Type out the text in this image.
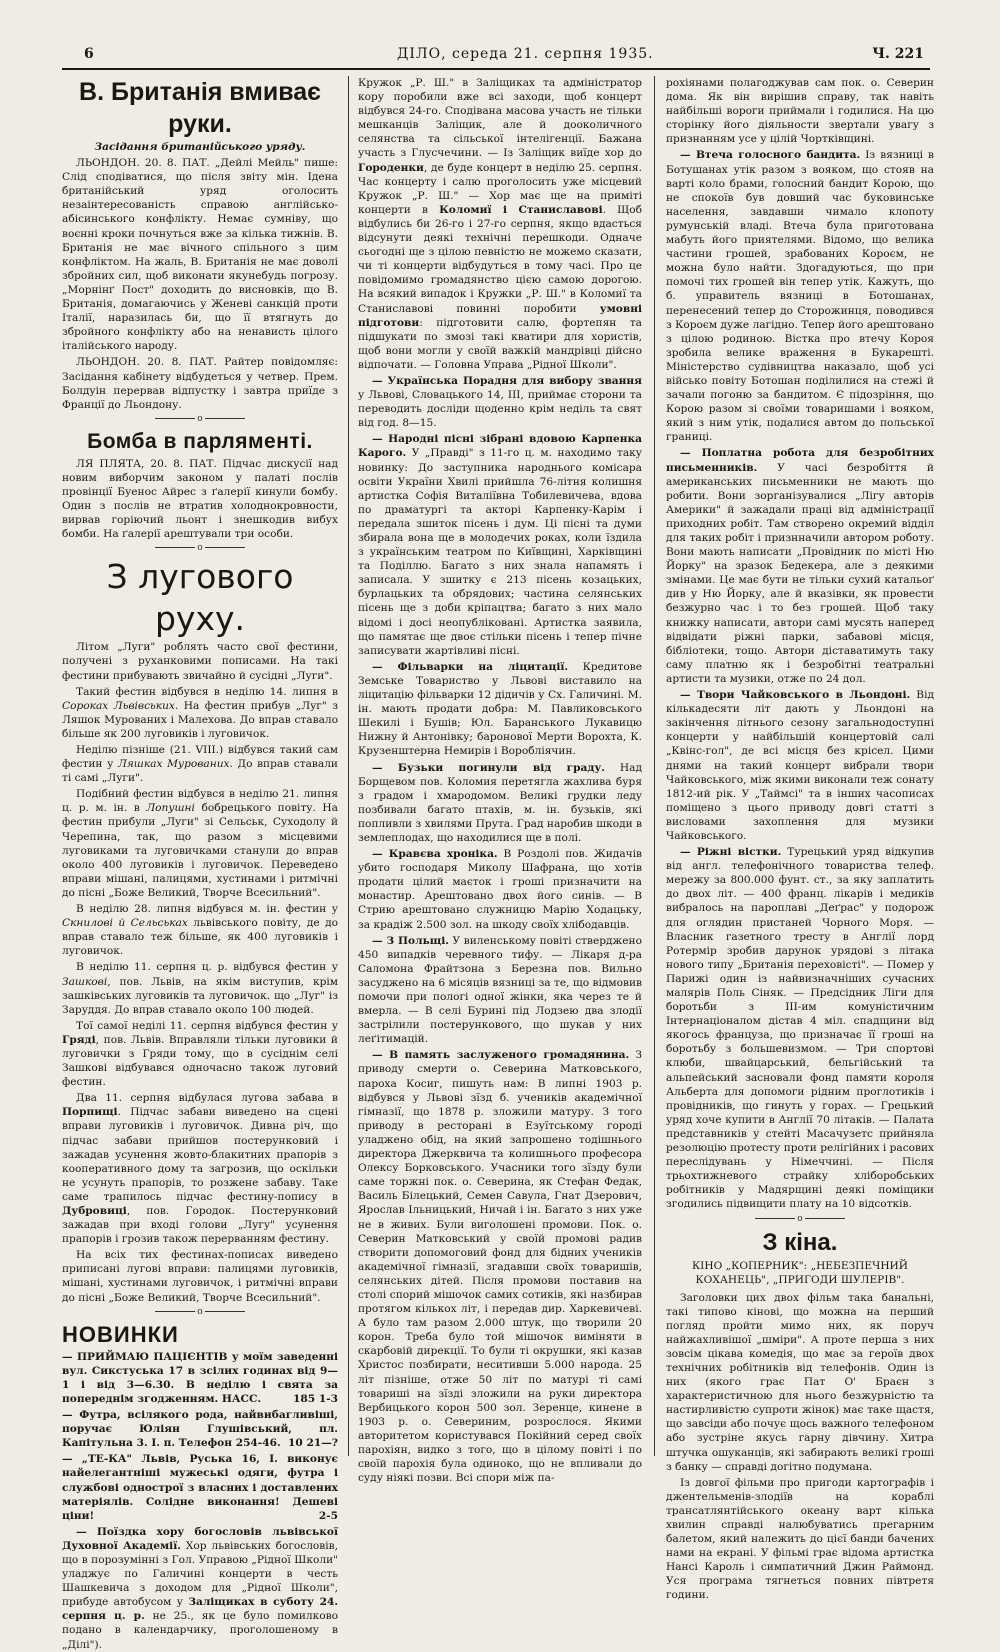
6	ДІЛО, середа 21. серпня 1935.	Ч. 221
В. Британія вмиває руки.

Засідання британійського уряду.

ЛЬОНДОН. 20. 8. ПАТ. „Дейлі Мейль" пише: Слід сподіватися, що після звіту мін. Ідена британійський уряд оголосить незаінтересованість справою англійсько-абісинського конфлікту. Немає сумніву, що воєнні кроки почнуться вже за кілька тижнів. В. Британія не має вічного спільного з цим конфліктом. На жаль, В. Британія не має доволі збройних сил, щоб виконати якунебудь погрозу. „Морнінґ Пост" доходить до висновків, що В. Британія, домагаючись у Женеві санкцій проти Італії, наразилась би, що її втягнуть до збройного конфлікту або на ненависть цілого італійського народу.

ЛЬОНДОН. 20. 8. ПАТ. Райтер повідомляє: Засідання кабінету відбудеться у четвер. Прем. Болдуін перервав відпустку і завтра приїде з Франції до Льондону.

o
Бомба в парляменті.

ЛЯ ПЛЯТА, 20. 8. ПАТ. Підчас дискусії над новим виборчим законом у палаті послів провінції Буенос Айрес з ґалерії кинули бомбу. Один з послів не втратив холоднокровности, вирвав горіючий льонт і знешкодив вибух бомби. На ґалерії арештували три особи.

o
З лугового руху.

Літом „Луги" роблять часто свої фестини, получені з руханковими пописами. На такі фестини прибувають звичайно й сусідні „Луги".

Такий фестин відбувся в неділю 14. липня в Сороках Львівських. На фестин прибув „Луг" з Ляшок Мурованих і Малехова. До вправ ставало більше як 200 луговиків і луговичок.

Неділю пізніше (21. VIII.) відбувся такий сам фестин у Ляшках Мурованих. До вправ ставали ті самі „Луги".

Подібний фестин відбувся в неділю 21. липня ц. р. м. ін. в Лопушні бобрецького повіту. На фестин прибули „Луги" зі Сельськ, Суходолу й Черепина, так, що разом з місцевими луговиками та луговичками станули до вправ около 400 луговиків і луговичок. Переведено вправи мішані, палицями, хустинами і ритмічні до пісні „Боже Великий, Творче Всесильний".

В неділю 28. липня відбувся м. ін. фестин у Скнилові й Сельськах львівського повіту, де до вправ ставало теж більше, як 400 луговиків і луговичок.

В неділю 11. серпня ц. р. відбувся фестин у Зашкові, пов. Львів, на якім виступив, крім зашківських луговиків та луговичок. що „Луг" із Заруддя. До вправ ставало около 100 людей.

Тої самої неділі 11. серпня відбувся фестин у Гряді, пов. Львів. Вправляли тільки луговики й луговички з Гряди тому, що в сусіднім селі Зашкові відбувався одночасно також луговий фестин.

Два 11. серпня відбулася лугова забава в Порпищі. Підчас забави виведено на сцені вправи луговиків і луговичок. Дивна річ, що підчас забави прийшов постерунковий і зажадав усунення жовто-блакитних прапорів з кооперативного дому та загрозив, що оскільки не усунуть прапорів, то розжене забаву. Таке саме трапилось підчас фестину-попису в Дубровиці, пов. Городок. Постерунковий зажадав при вході голови „Лугу" усунення прапорів і грозив також перерванням фестину.

На всіх тих фестинах-попиcах виведено приписані лугові вправи: палицями луговиків, мішані, хустинами луговичок, і ритмічні вправи до пісні „Боже Великий, Творче Всесильний".

o
НОВИНКИ

— ПРИЙМАЮ ПАЦІЄНТІВ у моїм заведенні вул. Сикстуська 17 в зсілих годинах від 9—1 і від 3—6.30. В неділю і свята за попереднім згодженням. НАСС.	185 1-3

— Футра, всілякого рода, найвибагливіші, поручає Юліян Глушівський, пл. Капітульна 3. І. п. Телефон 254-46. 10 21—?

— „ТЕ-КА" Львів, Руська 16, І. виконує найелегантніші мужеські одяги, футра і службові однострої з власних і доставлених матеріялів. Солідне виконання! Дешеві ціни!	2-5

— Поїздка хору богословів львівської Духовної Академії. Хор львівських богословів, що в порозумінні з Гол. Управою „Рідної Школи" уладжує по Галичині концерти в честь Шашкевича з доходом для „Рідної Школи", прибуде автобусом у Заліщиках в суботу 24. серпня ц. р. не 25., як це було помилково подано в календарчику, проголошеному в „Ділі").

Кружок „Р. Ш." в Заліщиках та адміністратор кору поробили вже всі заходи, щоб концерт відбувся 24-го. Сподівана масова участь не тільки мешканців Заліщик, але й дооколичного селянства та сільської інтелігенції. Бажана участь з Глусчечини. — Із Заліщик виїде хор до Городенки, де буде концерт в неділю 25. серпня. Час концерту і салю проголосить уже місцевий Кружок „Р. Ш." — Хор має ще на приміті концерти в Коломиї і Станиславові. Щоб відбулись би 26-го і 27-го серпня, якщо вдасться відсунути деякі технічні перешкоди. Одначе сьогодні ще з цілою певністю не можемо сказати, чи ті концерти відбудуться в тому часі. Про це повідомимо громадянство цією самою дорогою. На всякий випадок і Кружки „Р. Ш." в Коломиї та Станиславові повинні поробити умовні підготови: підготовити салю, фортепян та підшукати по змозі такі кватири для хористів, щоб вони могли у своїй важкій мандрівці дійсно відпочати. — Головна Управа „Рідної Школи".

— Українська Порадня для вибору звання у Львові, Словацького 14, ІІІ, приймає сторони та переводить досліди щоденно крім неділь та свят від год. 8—15.

— Народні пісні зібрані вдовою Карпенка Карого. У „Правді" з 11-го ц. м. находимо таку новинку: До заступника народнього комісара освіти України Хвилі прийшла 76-літня колишня артистка Софія Виталіївна Тобилевичева, вдова по драматургі та акторі Карпенку-Карім і передала зшиток пісень і дум. Ці пісні та думи збирала вона ще в молодечих роках, коли їздила з українським театром по Київщині, Харківщині та Поділлю. Багато з них знала напамять і записала. У зшитку є 213 пісень козацьких, бурлацьких та обрядових; частина селянських пісень ще з доби кріпацтва; багато з них мало відомі і досі неопубліковані. Артистка заявила, що памятає ще двоє стільки пісень і тепер пічне записувати жартівливі пісні.

— Фільварки на ліцитації. Кредитове Земське Товариство у Львові виставило на ліцитацію фільварки 12 дідичів у Сх. Галичині. М. ін. мають продати добра: М. Павликовського Шекилі і Бушів; Юл. Баранського Лукавицю Нижну й Антонівку; баронової Мерти Ворохта, К. Крузенштерна Немирів і Воробліячин.

— Бузьки погинули від граду. Над Борщевом пов. Коломия перетягла жахлива буря з градом і хмародомом. Великі грудки леду позбивали багато птахів, м. ін. бузьків, які попливли з хвилями Прута. Град наробив шкоди в землеплодах, що находилися ще в полі.

— Кравєва хроніка. В Роздолі пов. Жидачів убито господаря Миколу Шафрана, що хотів продати цілий маєток і гроші призначити на монастир. Арештовано двох його синів. — В Стрию арештовано служницю Марію Ходацьку, за крадіж 2.500 зол. на шкоду своїх хлібодавців.

— З Польщі. У виленському повіті стверджено 450 випадків черевного тифу. — Лікаря д-ра Саломона Фрайтзона з Березна пов. Вильно засуджено на 6 місяців вязниці за те, що відмовив помочи при пологі одної жінки, яка через те й вмерла. — В селі Бурині під Лодзею два злодії застрілили постерункового, що шукав у них леґітимацій.

— В память заслуженого громадянина. З приводу смерти о. Северина Матковського, пароха Косиг, пишуть нам: В липні 1903 р. відбувся у Львові зїзд б. учеників академічної гімназії, що 1878 р. зложили матуру. З того приводу в ресторані в Езуїтському городі уладжено обід, на який запрошено тодішнього директора Джерквича та колишнього професора Олексу Борковського. Учасники того зїзду були саме торжні пок. о. Северина, як Стефан Федак, Василь Білецький, Семен Савула, Гнат Дзерович, Ярослав Ільницький, Ничай і ін. Багато з них уже не в живих. Були виголошені промови. Пок. о. Северин Матковський у своїй промові радив створити допомоговий фонд для бідних учеників академічної гімназії, згадавши своїх товаришів, селянських дітей. Після промови поставив на столі спорий мішочок самих сотиків, які назбирав протягом кількох літ, і передав дир. Харкевичеві. А було там разом 2.000 штук, що творили 20 корон. Треба було той мішочок виміняти в скарбовій дирекції. То були ті окрушки, які казав Христос позбирати, неситивши 5.000 народа. 25 літ пізніше, отже 50 літ по матурі ті самі товариші на зїзді зложили на руки директора Вербицького корон 500 зол. Зеренце, кинене в 1903 р. о. Севериним, розрослося. Якими авторитетом користувався Покійний серед своїх парохіян, видко з того, що в цілому повіті і по своїй парохія була одиноко, що не впливали до суду ніякі позви. Всі спори між па-

рохіянами полагоджував сам пок. о. Северин дома. Як він вирішив справу, так навіть найбільші вороги приймали і годилися. На цю сторінку його діяльности звертали увагу з признанням усе у цілій Чортківщині.

— Втеча голосного бандита. Із вязниці в Ботушанах утік разом з вояком, що стояв на варті коло брами, голосний бандит Корою, що не спокоїв був довший час буковинське населення, завдавши чимало клопоту румунській владі. Втеча була приготована мабуть його приятелями. Відомо, що велика частини грошей, зрабованих Короєм, не можна було найти. Здогадуються, що при помочі тих грошей він тепер утік. Кажуть, що б. управитель вязниці в Ботошанах, перенесений тепер до Сторожинця, поводився з Короєм дуже лагідно. Тепер його арештовано з цілою родиною. Вістка про втечу Короя зробила велике враження в Букарешті. Міністерство судівництва наказало, щоб усі військо повіту Ботошан поділилися на стежі й зачали погоню за бандитом. Є підозріння, що Корою разом зі своїми товаришами і вояком, який з ним утік, подалися автом до польської границі.

— Поплатна робота для безробітних письменників. У часі безробіття й американських письменники не мають що робити. Вони зорганізувалися „Лігу авторів Америки" й зажадали праці від адміністрації приходних робіт. Там створено окремий відділ для таких робіт і признначили автором роботу. Вони мають написати „Провідник по місті Ню Йорку" на зразок Бедекера, але з деякими змінами. Це має бути не тільки сухий катальоґ див у Ню Йорку, але й вказівки, як провести безжурно час і то без грошей. Щоб таку книжку написати, автори самі мусять наперед відвідати ріжні парки, забавові місця, бібліотеки, тощо. Автори діставатимуть таку саму платню як і безробітні театральні артисти та музики, отже по 24 дол.

— Твори Чайковського в Льондоні. Від кількадесяти літ дають у Льондоні на закінчення літнього сезону загальнодоступні концерти у найбільшій концертовій салі „Квінс-гол", де всі місця без крісел. Цими днями на такий концерт вибрали твори Чайковського, між якими виконали теж сонату 1812-ий рік. У „Таймсі" та в інших часописах поміщено з цього приводу довгі статті з висловами захоплення для музики Чайковського.

— Ріжні вістки. Турецький уряд відкупив від англ. телефонічного товариства телеф. мережу за 800.000 фунт. ст., за яку заплатить до двох літ. — 400 франц. лікарів і медиків вибралось на пароплаві „Деґрас" у подорож для оглядин пристаней Чорного Моря. — Власник газетного тресту в Англії лорд Ротермір зробив дарунок урядові з літака нового типу „Британія переховісті". — Помер у Парижі один із найвизначніших сучасних малярів Поль Сіняк. — Предсідник Ліги для боротьби з ІІІ-им комуністичним Інтернаціоналом дістав 4 міл. спадщини від якогось француза, що призначає її гроші на боротьбу з большевизмом. — Три спортові клюби, швайцарський, бельгійський та альпейський засновали фонд памяти короля Альберта для допомоги рідним проглотиків і провідників, що гинуть у горах. — Грецький уряд хоче купити в Англії 70 літаків. — Палата представників у стейті Масачузетс прийняла резолюцію протесту проти релігійних і расових переслідувань у Німеччині. — Після трьохтижневого страйку хліборобських робітників у Мадярщині деякі поміщики згодились підвищити плату на 10 відсотків.

o
З кіна.

КІНО „КОПЕРНИК": „НЕБЕЗПЕЧНИЙ КОХАНЕЦЬ", „ПРИГОДИ ШУЛЕРІВ".

Заголовки цих двох фільм така банальні, такі типово кінові, що можна на перший погляд пройти мимо них, як поруч найжахливішої „шміри". А проте перша з них зовсім цікава комедія, що має за героїв двох технічних робітників від телефонів. Один із них (якого грає Пат О' Браєн з характеристичною для нього безжурністю та настирливістю супроти жінок) має таке щастя, що завсіди або почує щось важного телефоном або зустріне якусь гарну дівчину. Хитра штучка ошуканців, які забирають великі гроші з банку — справді догітно подумана.

Із довгої фільми про пригоди картографів і джентельменів-злодіїв на кораблі трансатлянтійського океану варт кілька хвилин справді налюбуватись прегарним балетом, який належить до цієї банди бачених нами на екрані. У фільмі грає відома артистка Нансі Кароль і симпатичний Джин Раймонд. Уся програма тягнеться повних півтретя години.
